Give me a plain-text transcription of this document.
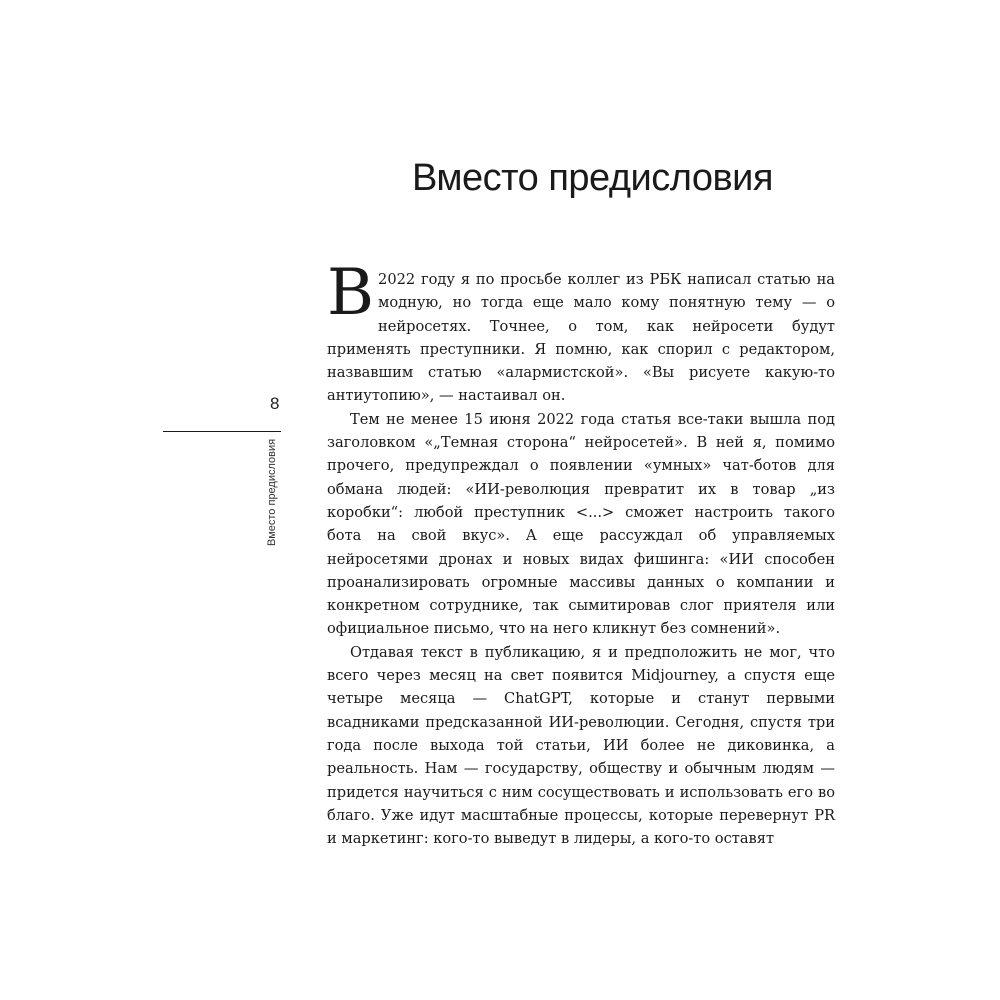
Вместо предисловия
8
Вместо предисловия

В 2022 году я по просьбе коллег из РБК написал статью на модную, но тогда еще мало кому понятную тему — о нейросетях. Точнее, о том, как нейросети будут применять преступники. Я помню, как спорил с редактором, назвавшим статью «алармистской». «Вы рисуете какую-то антиутопию», — настаивал он.

Тем не менее 15 июня 2022 года статья все-таки вышла под заголовком «„Темная сторона“ нейросетей». В ней я, помимо прочего, предупреждал о появлении «умных» чат-ботов для обмана людей: «ИИ-революция превратит их в товар „из коробки“: любой преступник <...> сможет настроить такого бота на свой вкус». А еще рассуждал об управляемых нейросетями дронах и новых видах фишинга: «ИИ способен проанализировать огромные массивы данных о компании и конкретном сотруднике, так сымитировав слог приятеля или официальное письмо, что на него кликнут без сомнений».

Отдавая текст в публикацию, я и предположить не мог, что всего через месяц на свет появится Midjourney, а спустя еще четыре месяца — ChatGPT, которые и станут первыми всадниками предсказанной ИИ-революции. Сегодня, спустя три года после выхода той статьи, ИИ более не диковинка, а реальность. Нам — государству, обществу и обычным людям — придется научиться с ним сосуществовать и использовать его во благо. Уже идут масштабные процессы, которые перевернут PR и маркетинг: кого-то выведут в лидеры, а кого-то оставят
